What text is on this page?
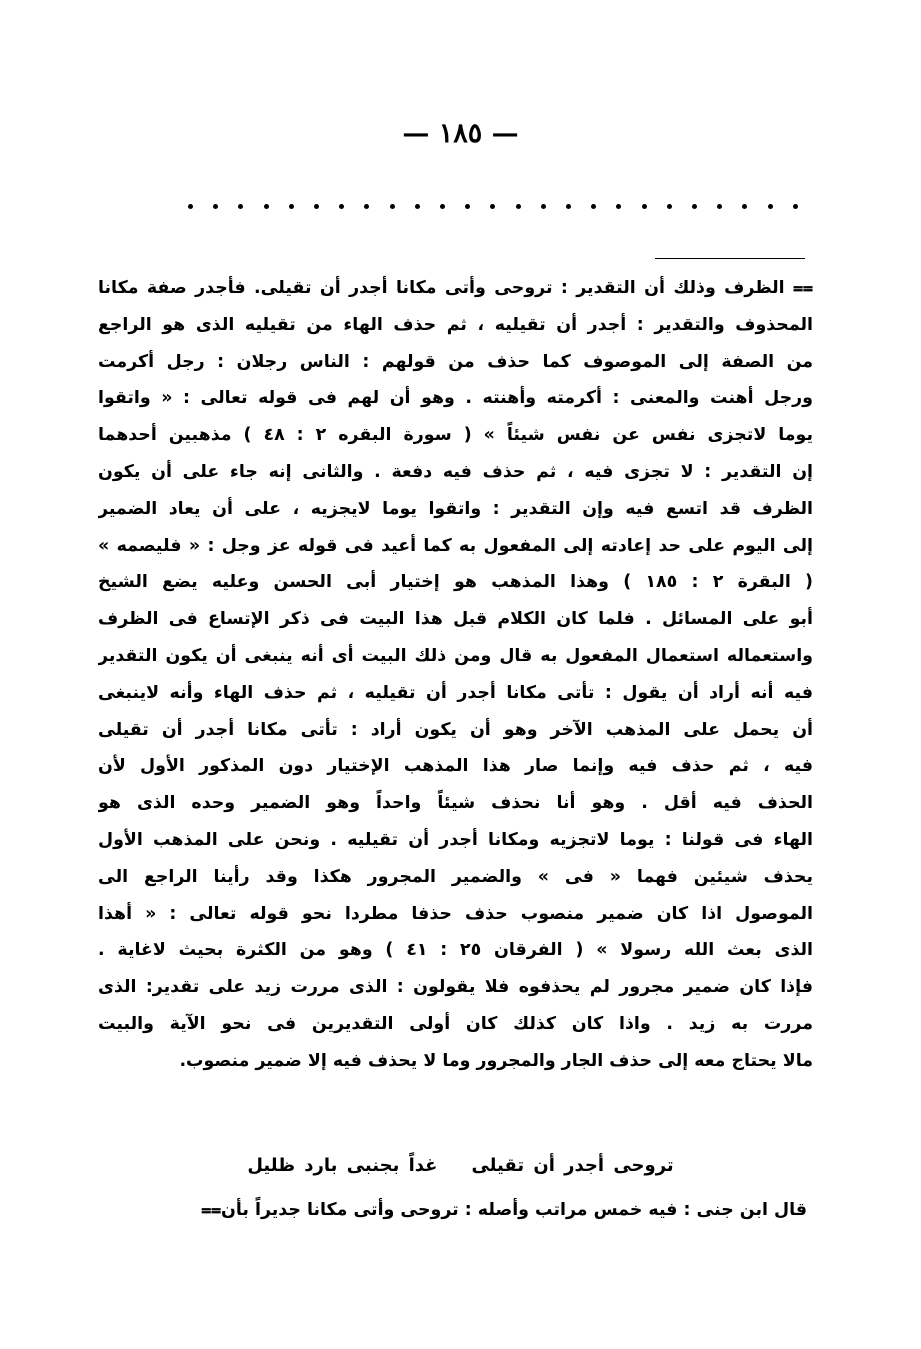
— ١٨٥ —
⩵ الظرف وذلك أن التقدير : تروحى وأتى مكانا أجدر أن تقيلى. فأجدر صفة مكانا
المحذوف والتقدير : أجدر أن تقيليه ، ثم حذف الهاء من تقيليه الذى هو الراجع
من الصفة إلى الموصوف كما حذف من قولهم : الناس رجلان : رجل أكرمت
ورجل أهنت والمعنى : أكرمته وأهنته . وهو أن لهم فى قوله تعالى : « واتقوا
يوما لاتجزى نفس عن نفس شيئاً » ( سورة البقره ٢ : ٤٨ ) مذهبين أحدهما
إن التقدير : لا تجزى فيه ، ثم حذف فيه دفعة . والثانى إنه جاء على أن يكون
الظرف قد اتسع فيه وإن التقدير : واتقوا يوما لايجزيه ، على أن يعاد الضمير
إلى اليوم على حد إعادته إلى المفعول به كما أعيد فى قوله عز وجل : « فليصمه »
( البقرة ٢ : ١٨٥ ) وهذا المذهب هو إختيار أبى الحسن وعليه يضع الشيخ
أبو على المسائل . فلما كان الكلام قبل هذا البيت فى ذكر الإتساع فى الظرف
واستعماله استعمال المفعول به قال ومن ذلك البيت أى أنه ينبغى أن يكون التقدير
فيه أنه أراد أن يقول : تأتى مكانا أجدر أن تقيليه ، ثم حذف الهاء وأنه لاينبغى
أن يحمل على المذهب الآخر وهو أن يكون أراد : تأتى مكانا أجدر أن تقيلى
فيه ، ثم حذف فيه وإنما صار هذا المذهب الإختيار دون المذكور الأول لأن
الحذف فيه أقل . وهو أنا نحذف شيئاً واحداً وهو الضمير وحده الذى هو
الهاء فى قولنا : يوما لاتجزيه ومكانا أجدر أن تقيليه . ونحن على المذهب الأول
يحذف شيئين فهما « فى » والضمير المجرور هكذا وقد رأينا الراجع الى
الموصول اذا كان ضمير منصوب حذف حذفا مطردا نحو قوله تعالى : « أهذا
الذى بعث الله رسولا » ( الفرقان ٢٥ : ٤١ ) وهو من الكثرة بحيث لاغاية .
فإذا كان ضمير مجرور لم يحذفوه فلا يقولون : الذى مررت زيد على تقدير: الذى
مررت به زيد . واذا كان كذلك كان أولى التقديرين فى نحو الآية والبيت
مالا يحتاج معه إلى حذف الجار والمجرور وما لا يحذف فيه إلا ضمير منصوب.
تروحى أجدر أن تقيلىغداً بجنبى بارد ظليل
قال ابن جنى : فيه خمس مراتب وأصله : تروحى وأتى مكانا جديراً بأن⩵
